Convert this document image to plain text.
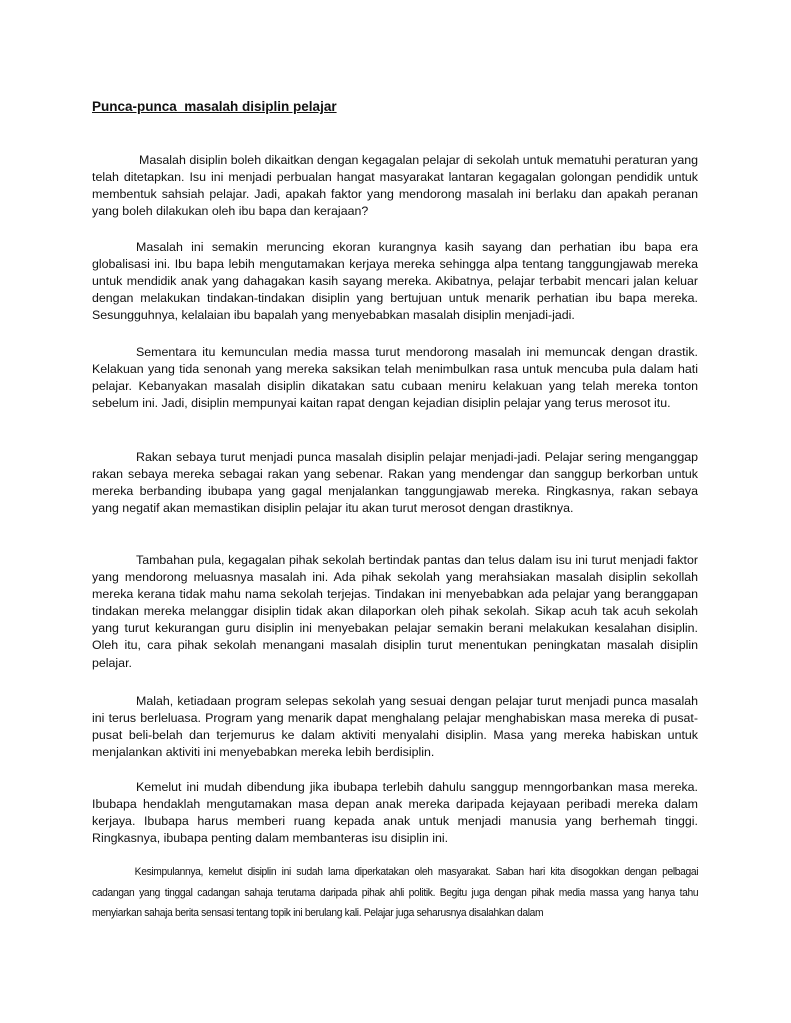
Punca-punca  masalah disiplin pelajar

Masalah disiplin boleh dikaitkan dengan kegagalan pelajar di sekolah untuk mematuhi peraturan yang telah ditetapkan. Isu ini menjadi perbualan hangat masyarakat lantaran kegagalan golongan pendidik untuk membentuk sahsiah pelajar. Jadi, apakah faktor yang mendorong masalah ini berlaku dan apakah peranan yang boleh dilakukan oleh ibu bapa dan kerajaan?

Masalah ini semakin meruncing ekoran kurangnya kasih sayang dan perhatian ibu bapa era globalisasi ini. Ibu bapa lebih mengutamakan kerjaya mereka sehingga alpa tentang tanggungjawab mereka untuk mendidik anak yang dahagakan kasih sayang mereka. Akibatnya, pelajar terbabit mencari jalan keluar dengan melakukan tindakan-tindakan disiplin yang bertujuan untuk menarik perhatian ibu bapa mereka. Sesungguhnya, kelalaian ibu bapalah yang menyebabkan masalah disiplin menjadi-jadi.

Sementara itu kemunculan media massa turut mendorong masalah ini memuncak dengan drastik. Kelakuan yang tida senonah yang mereka saksikan telah menimbulkan rasa untuk mencuba pula dalam hati pelajar. Kebanyakan masalah disiplin dikatakan satu cubaan meniru kelakuan yang telah mereka tonton sebelum ini. Jadi, disiplin mempunyai kaitan rapat dengan kejadian disiplin pelajar yang terus merosot itu.

Rakan sebaya turut menjadi punca masalah disiplin pelajar menjadi-jadi. Pelajar sering menganggap rakan sebaya mereka sebagai rakan yang sebenar. Rakan yang mendengar dan sanggup berkorban untuk mereka berbanding ibubapa yang gagal menjalankan tanggungjawab mereka. Ringkasnya, rakan sebaya yang negatif akan memastikan disiplin pelajar itu akan turut merosot dengan drastiknya.

Tambahan pula, kegagalan pihak sekolah bertindak pantas dan telus dalam isu ini turut menjadi faktor yang mendorong meluasnya masalah ini. Ada pihak sekolah yang merahsiakan masalah disiplin sekollah mereka kerana tidak mahu nama sekolah terjejas. Tindakan ini menyebabkan ada pelajar yang beranggapan tindakan mereka melanggar disiplin tidak akan dilaporkan oleh pihak sekolah. Sikap acuh tak acuh sekolah yang turut kekurangan guru disiplin ini menyebakan pelajar semakin berani melakukan kesalahan disiplin. Oleh itu, cara pihak sekolah menangani masalah disiplin turut menentukan peningkatan masalah disiplin pelajar.

Malah, ketiadaan program selepas sekolah yang sesuai dengan pelajar turut menjadi punca masalah ini terus berleluasa. Program yang menarik dapat menghalang pelajar menghabiskan masa mereka di pusat-pusat beli-belah dan terjemurus ke dalam aktiviti menyalahi disiplin. Masa yang mereka habiskan untuk menjalankan aktiviti ini menyebabkan mereka lebih berdisiplin.

Kemelut ini mudah dibendung jika ibubapa terlebih dahulu sanggup menngorbankan masa mereka. Ibubapa hendaklah mengutamakan masa depan anak mereka daripada kejayaan peribadi mereka dalam kerjaya. Ibubapa harus memberi ruang kepada anak untuk menjadi manusia yang berhemah tinggi. Ringkasnya, ibubapa penting dalam membanteras isu disiplin ini.

Kesimpulannya, kemelut disiplin ini sudah lama diperkatakan oleh masyarakat. Saban hari kita disogokkan dengan pelbagai cadangan yang tinggal cadangan sahaja terutama daripada pihak ahli politik. Begitu juga dengan pihak media massa yang hanya tahu menyiarkan sahaja berita sensasi tentang topik ini berulang kali. Pelajar juga seharusnya disalahkan dalam
